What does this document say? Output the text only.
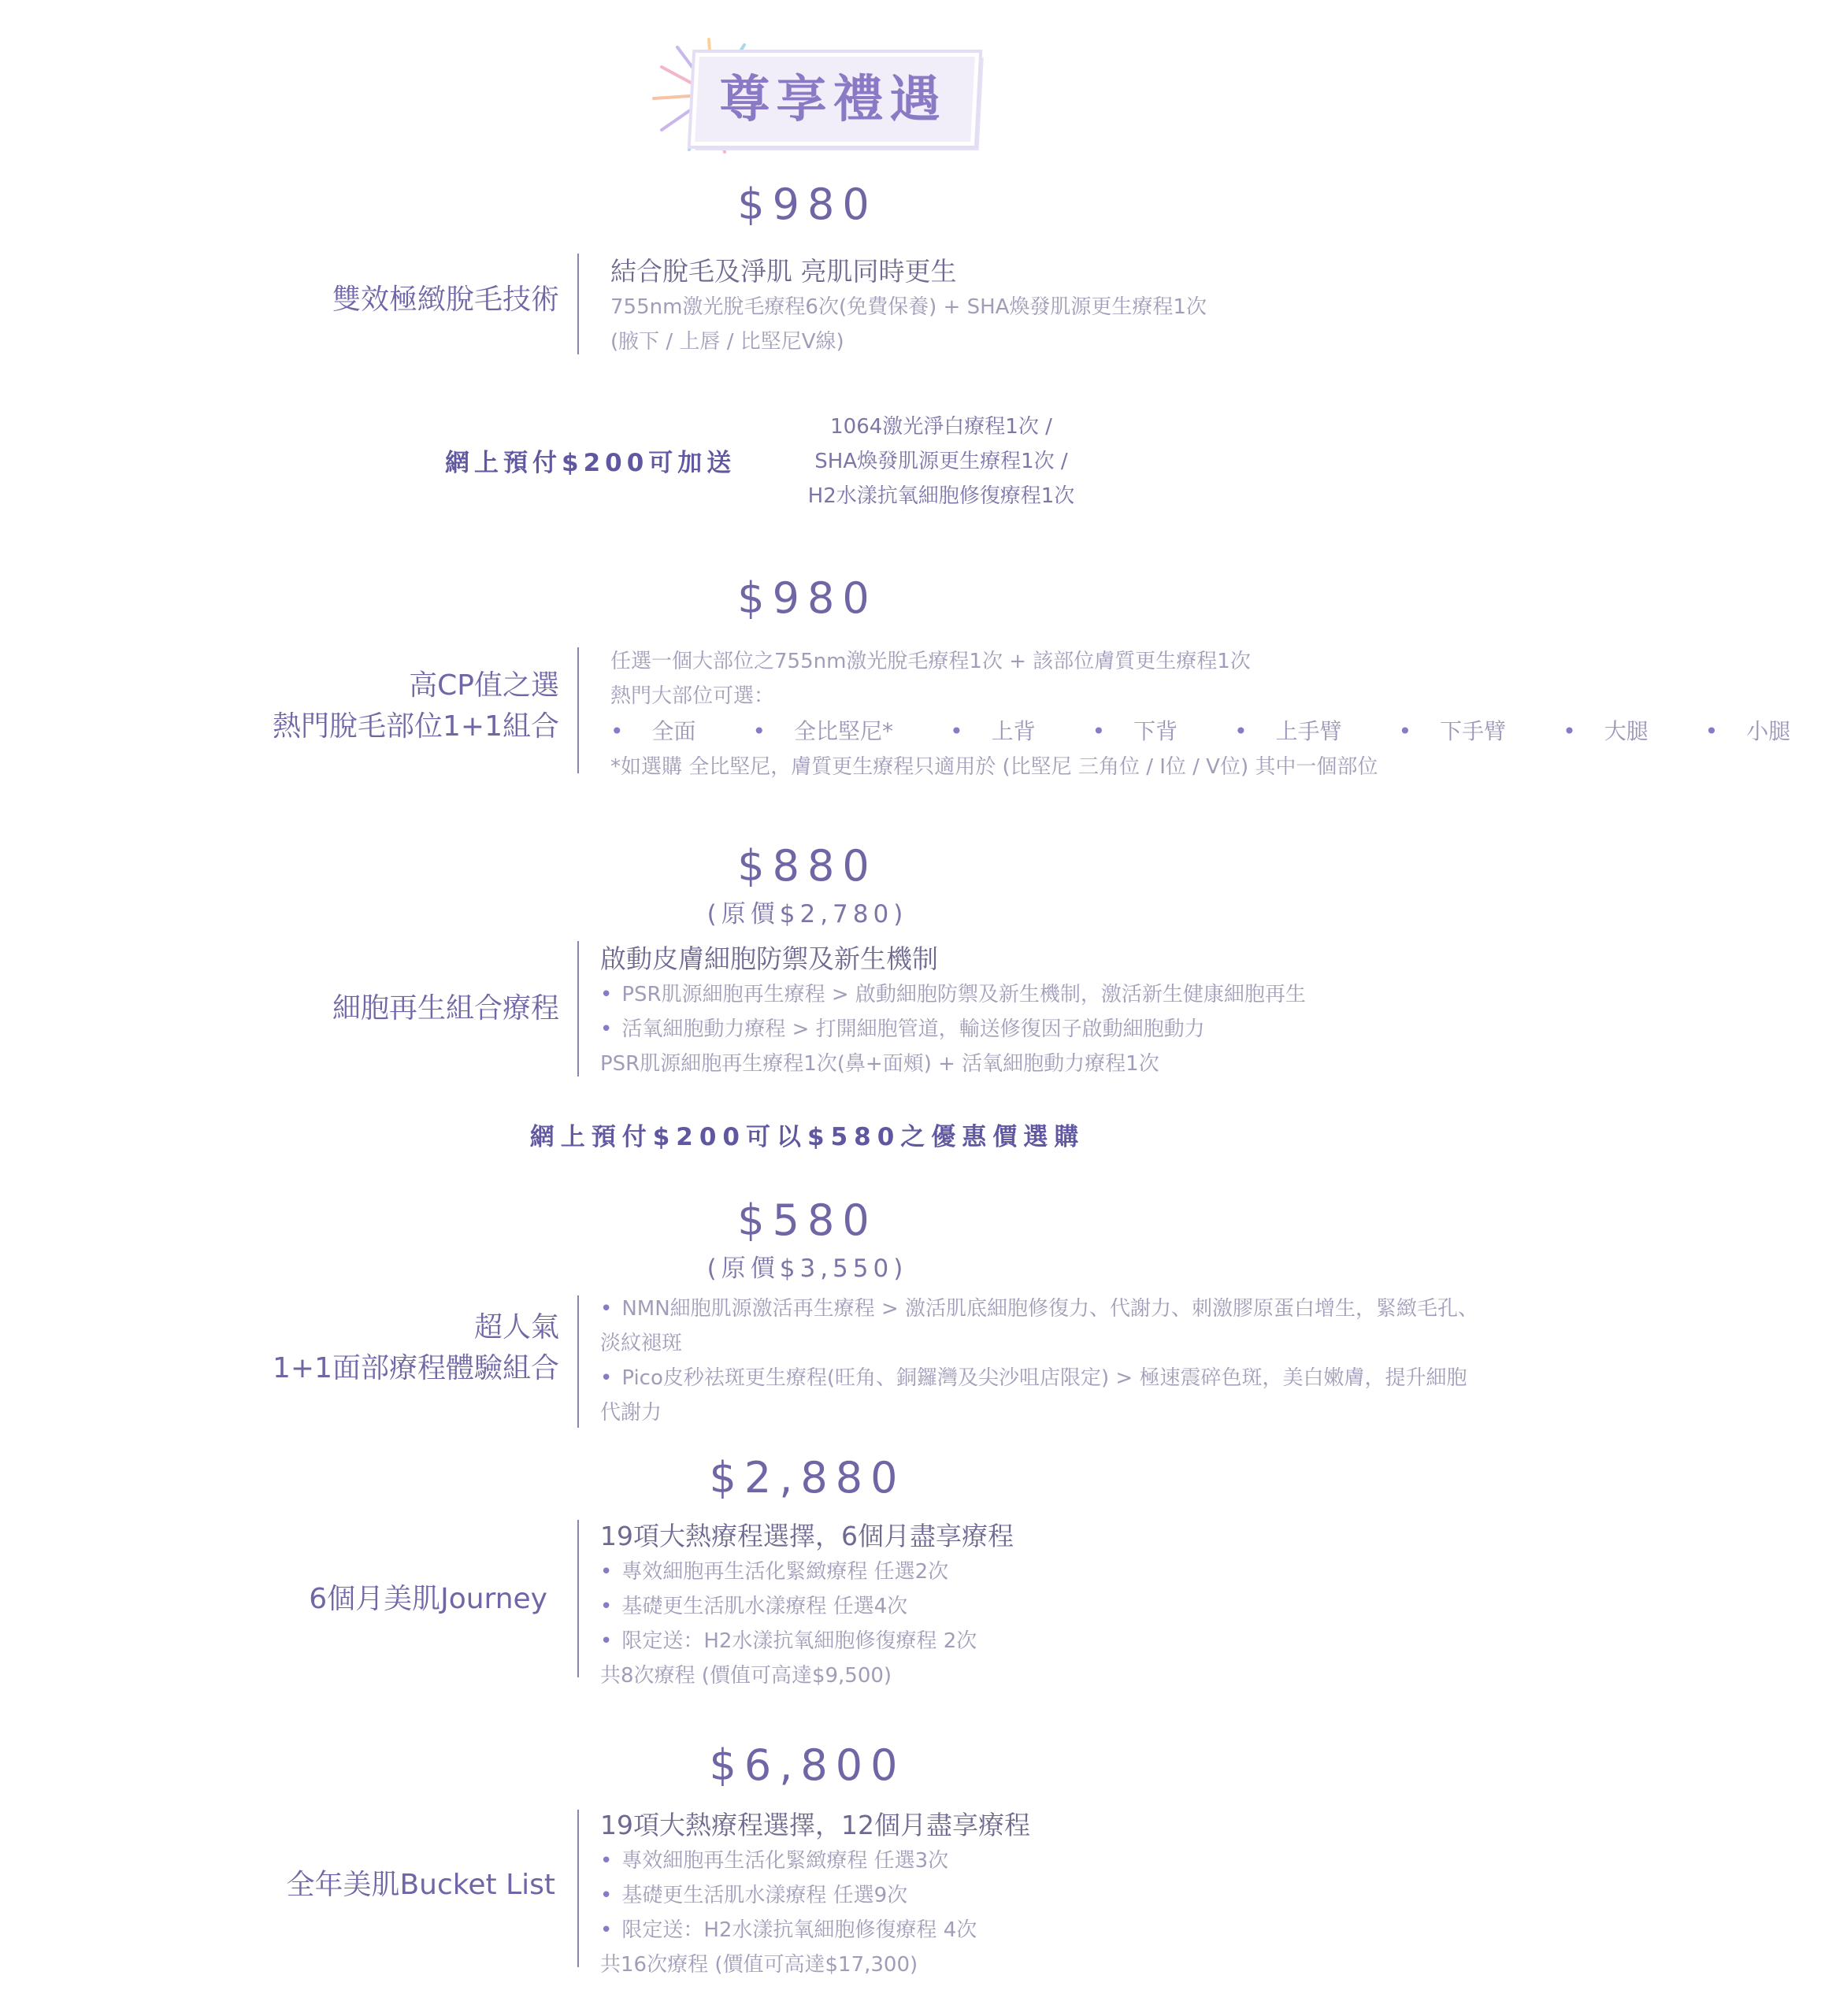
尊享禮遇
$980
雙效極緻脫毛技術
結合脫毛及淨肌 亮肌同時更生
755nm激光脫毛療程6次(免費保養) + SHA煥發肌源更生療程1次
(腋下 / 上唇 / 比堅尼V線)
網上預付$200可加送
1064激光淨白療程1次 /
SHA煥發肌源更生療程1次 /
H2水漾抗氧細胞修復療程1次
$980
高CP值之選
熱門脫毛部位1+1組合
任選一個大部位之755nm激光脫毛療程1次 + 該部位膚質更生療程1次
熱門大部位可選：
• 全面	• 全比堅尼*	• 上背	• 下背	• 上手臂	• 下手臂	• 大腿	• 小腿
*如選購 全比堅尼，膚質更生療程只適用於 (比堅尼 三角位 / I位 / V位) 其中一個部位
$880
(原價$2,780)
細胞再生組合療程
啟動皮膚細胞防禦及新生機制
• PSR肌源細胞再生療程 > 啟動細胞防禦及新生機制，激活新生健康細胞再生
• 活氧細胞動力療程 > 打開細胞管道，輸送修復因子啟動細胞動力
PSR肌源細胞再生療程1次(鼻+面頰) + 活氧細胞動力療程1次
網上預付$200可以$580之優惠價選購
$580
(原價$3,550)
超人氣
1+1面部療程體驗組合
• NMN細胞肌源激活再生療程 > 激活肌底細胞修復力、代謝力、刺激膠原蛋白增生，緊緻毛孔、
淡紋褪斑
• Pico皮秒祛斑更生療程(旺角、銅鑼灣及尖沙咀店限定) > 極速震碎色斑，美白嫩膚，提升細胞
代謝力
$2,880
6個月美肌Journey
19項大熱療程選擇，6個月盡享療程
• 專效細胞再生活化緊緻療程 任選2次
• 基礎更生活肌水漾療程 任選4次
• 限定送：H2水漾抗氧細胞修復療程 2次
共8次療程 (價值可高達$9,500)
$6,800
全年美肌Bucket List
19項大熱療程選擇，12個月盡享療程
• 專效細胞再生活化緊緻療程 任選3次
• 基礎更生活肌水漾療程 任選9次
• 限定送：H2水漾抗氧細胞修復療程 4次
共16次療程 (價值可高達$17,300)
